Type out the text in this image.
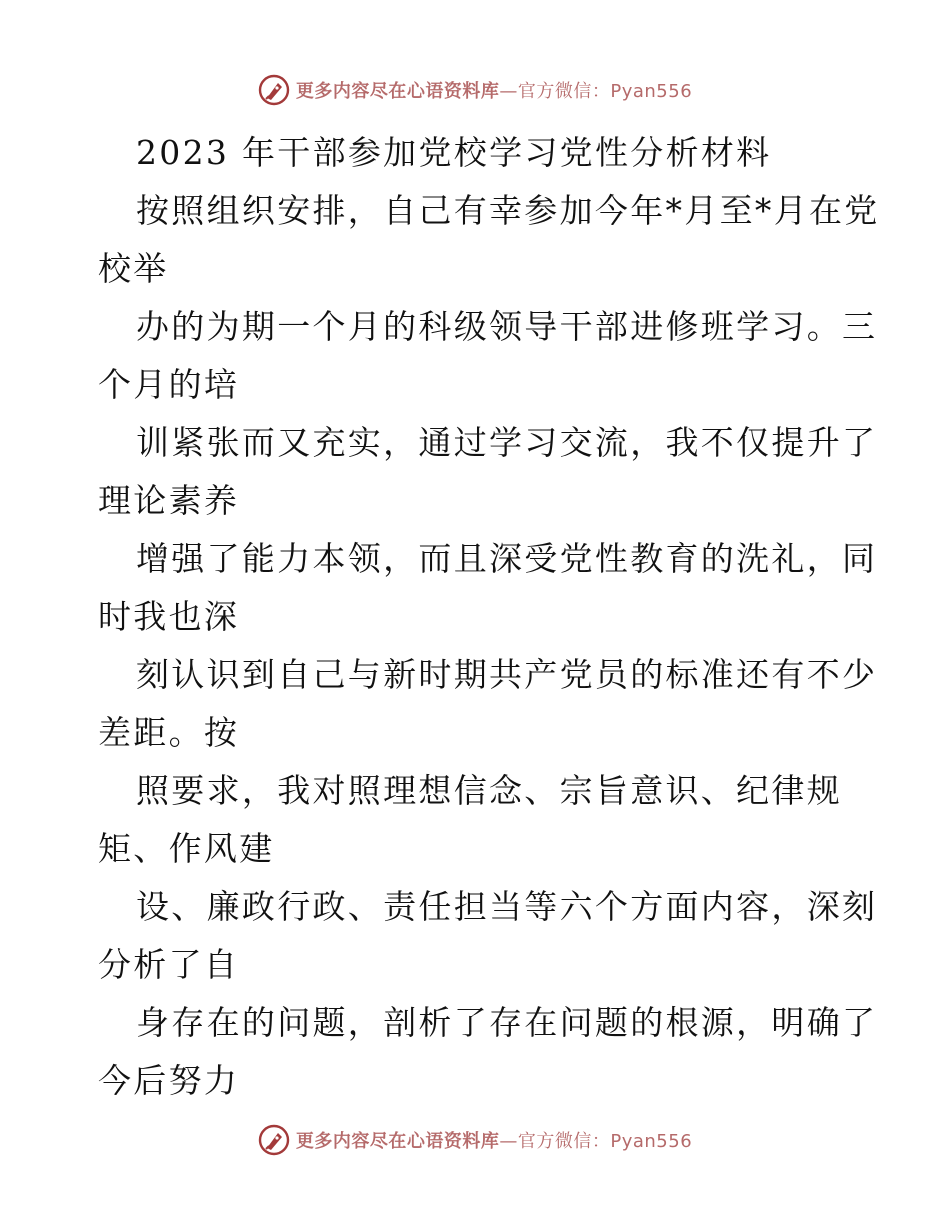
更多内容尽在心语资料库—官方微信：Pyan556
2023 年干部参加党校学习党性分析材料
按照组织安排，自己有幸参加今年*月至*月在党
校举
办的为期一个月的科级领导干部进修班学习。三
个月的培
训紧张而又充实，通过学习交流，我不仅提升了
理论素养
增强了能力本领，而且深受党性教育的洗礼，同
时我也深
刻认识到自己与新时期共产党员的标准还有不少
差距。按
照要求，我对照理想信念、宗旨意识、纪律规
矩、作风建
设、廉政行政、责任担当等六个方面内容，深刻
分析了自
身存在的问题，剖析了存在问题的根源，明确了
今后努力
更多内容尽在心语资料库—官方微信：Pyan556
